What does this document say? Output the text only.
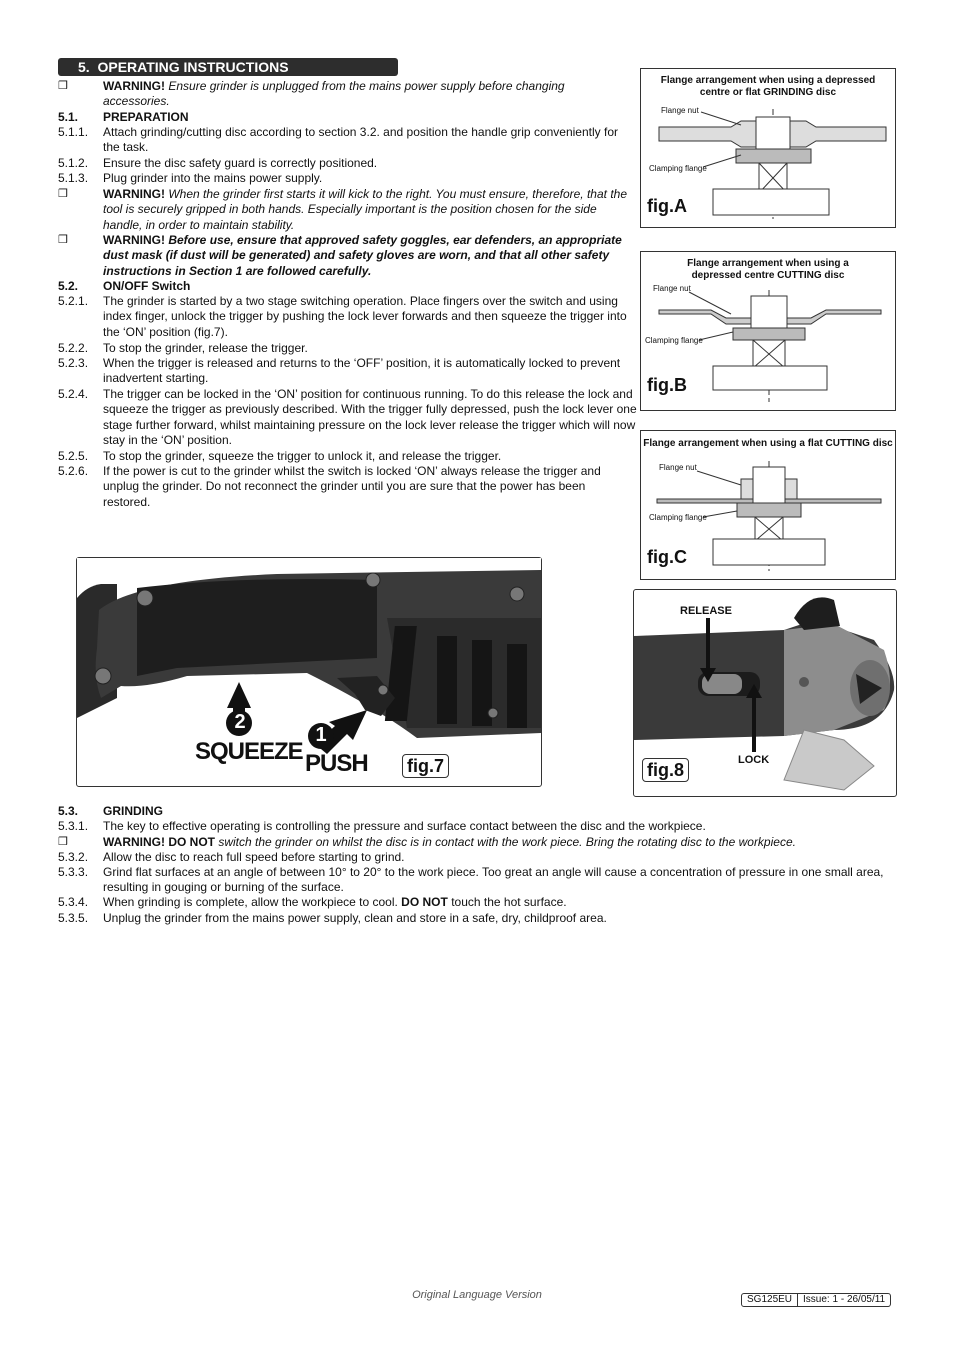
5. OPERATING INSTRUCTIONS
❒	WARNING! Ensure grinder is unplugged from the mains power supply before changing accessories.
5.1.	PREPARATION
5.1.1.	Attach grinding/cutting disc according to section 3.2. and position the handle grip conveniently for the task.
5.1.2.	Ensure the disc safety guard is correctly positioned.
5.1.3.	Plug grinder into the mains power supply.
❒	WARNING! When the grinder first starts it will kick to the right. You must ensure, therefore, that the tool is securely gripped in both hands. Especially important is the position chosen for the side handle, in order to maintain stability.
❒	WARNING! Before use, ensure that approved safety goggles, ear defenders, an appropriate dust mask (if dust will be generated) and safety gloves are worn, and that all other safety instructions in Section 1 are followed carefully.
5.2.	ON/OFF Switch
5.2.1.	The grinder is started by a two stage switching operation. Place fingers over the switch and using index finger, unlock the trigger by pushing the lock lever forwards and then squeeze the trigger into the ‘ON’ position (fig.7).
5.2.2.	To stop the grinder, release the trigger.
5.2.3.	When the trigger is released and returns to the ‘OFF’ position, it is automatically locked to prevent inadvertent starting.
5.2.4.	The trigger can be locked in the ‘ON’ position for continuous running. To do this release the lock and squeeze the trigger as previously described. With the trigger fully depressed, push the lock lever one stage further forward, whilst maintaining pressure on the lock lever release the trigger which will now stay in the ‘ON’ position.
5.2.5.	To stop the grinder, squeeze the trigger to unlock it, and release the trigger.
5.2.6.	If the power is cut to the grinder whilst the switch is locked ‘ON’ always release the trigger and unplug the grinder. Do not reconnect the grinder until you are sure that the power has been restored.
Flange arrangement when using a depressed
centre or flat GRINDING disc
Flange nut
Clamping flange
fig.A
Flange arrangement when using a
depressed centre CUTTING disc
Flange nut
Clamping flange
fig.B
Flange arrangement when using a flat CUTTING disc
Flange nut
Clamping flange
fig.C
2
SQUEEZE
1
PUSH fig.7
RELEASE
LOCK
fig.8
5.3.	GRINDING
5.3.1.	The key to effective operating is controlling the pressure and surface contact between the disc and the workpiece.
❒	WARNING! DO NOT switch the grinder on whilst the disc is in contact with the work piece. Bring the rotating disc to the workpiece.
5.3.2.	Allow the disc to reach full speed before starting to grind.
5.3.3.	Grind flat surfaces at an angle of between 10° to 20° to the work piece. Too great an angle will cause a concentration of pressure in one small area, resulting in gouging or burning of the surface.
5.3.4.	When grinding is complete, allow the workpiece to cool. DO NOT touch the hot surface.
5.3.5.	Unplug the grinder from the mains power supply, clean and store in a safe, dry, childproof area.
Original Language Version	SG125EU	Issue: 1 - 26/05/11
